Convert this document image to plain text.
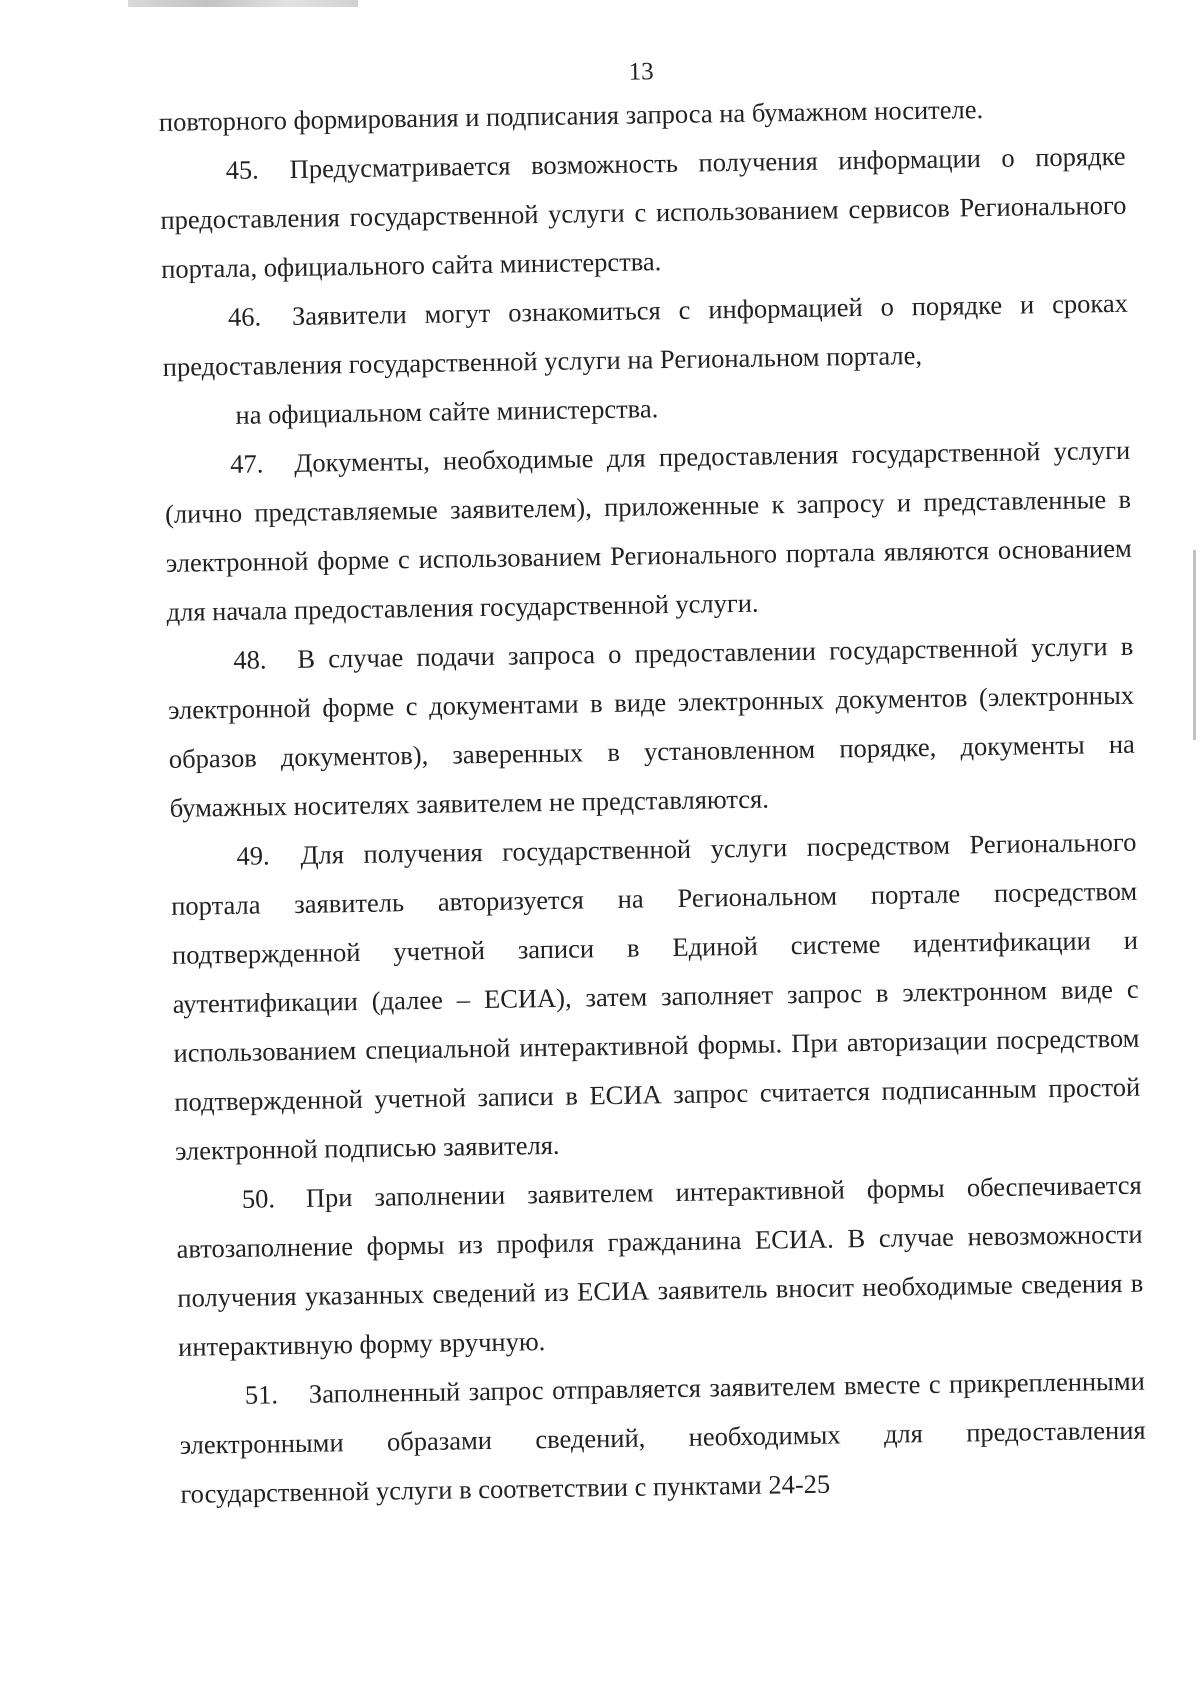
13

повторного формирования и подписания запроса на бумажном носителе.

45. Предусматривается возможность получения информации о порядке предоставления государственной услуги с использованием сервисов Регионального портала, официального сайта министерства.

46. Заявители могут ознакомиться с информацией о порядке и сроках предоставления государственной услуги на Региональном портале,

на официальном сайте министерства.

47. Документы, необходимые для предоставления государственной услуги (лично представляемые заявителем), приложенные к запросу и представленные в электронной форме с использованием Регионального портала являются основанием для начала предоставления государственной услуги.

48. В случае подачи запроса о предоставлении государственной услуги в электронной форме с документами в виде электронных документов (электронных образов документов), заверенных в установленном порядке, документы на бумажных носителях заявителем не представляются.

49. Для получения государственной услуги посредством Регионального портала заявитель авторизуется на Региональном портале посредством подтвержденной учетной записи в Единой системе идентификации и аутентификации (далее – ЕСИА), затем заполняет запрос в электронном виде с использованием специальной интерактивной формы. При авторизации посредством подтвержденной учетной записи в ЕСИА запрос считается подписанным простой электронной подписью заявителя.

50. При заполнении заявителем интерактивной формы обеспечивается автозаполнение формы из профиля гражданина ЕСИА. В случае невозможности получения указанных сведений из ЕСИА заявитель вносит необходимые сведения в интерактивную форму вручную.

51. Заполненный запрос отправляется заявителем вместе с прикрепленными электронными образами сведений, необходимых для предоставления государственной услуги в соответствии с пунктами 24-25
